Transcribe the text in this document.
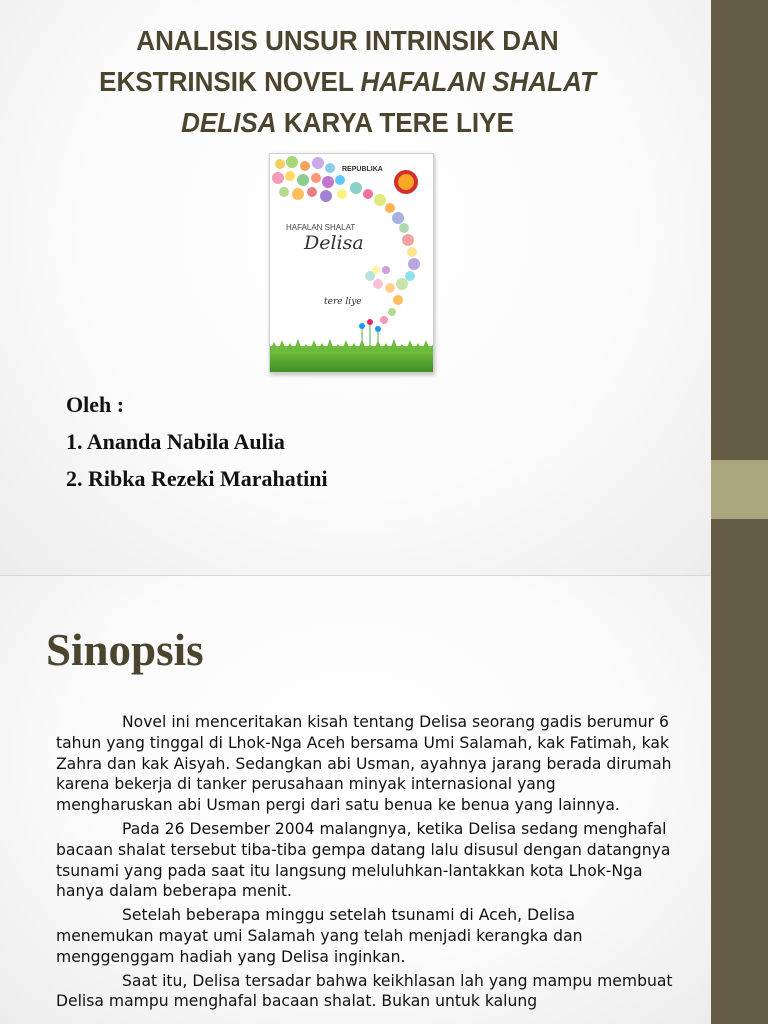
ANALISIS UNSUR INTRINSIK DAN EKSTRINSIK NOVEL HAFALAN SHALAT DELISA KARYA TERE LIYE
REPUBLIKA
HAFALAN SHALAT
Delisa
tere liye
Oleh :
1. Ananda Nabila Aulia
2. Ribka Rezeki Marahatini
Sinopsis

Novel ini menceritakan kisah tentang Delisa seorang gadis berumur 6 tahun yang tinggal di Lhok-Nga Aceh bersama Umi Salamah, kak Fatimah, kak Zahra dan kak Aisyah. Sedangkan abi Usman, ayahnya jarang berada dirumah karena bekerja di tanker perusahaan minyak internasional yang mengharuskan abi Usman pergi dari satu benua ke benua yang lainnya.

Pada 26 Desember 2004 malangnya, ketika Delisa sedang menghafal bacaan shalat tersebut tiba-tiba gempa datang lalu disusul dengan datangnya tsunami yang pada saat itu langsung meluluhkan-lantakkan kota Lhok-Nga hanya dalam beberapa menit.

Setelah beberapa minggu setelah tsunami di Aceh, Delisa menemukan mayat umi Salamah yang telah menjadi kerangka dan menggenggam hadiah yang Delisa inginkan.

Saat itu, Delisa tersadar bahwa keikhlasan lah yang mampu membuat Delisa mampu menghafal bacaan shalat. Bukan untuk kalung
